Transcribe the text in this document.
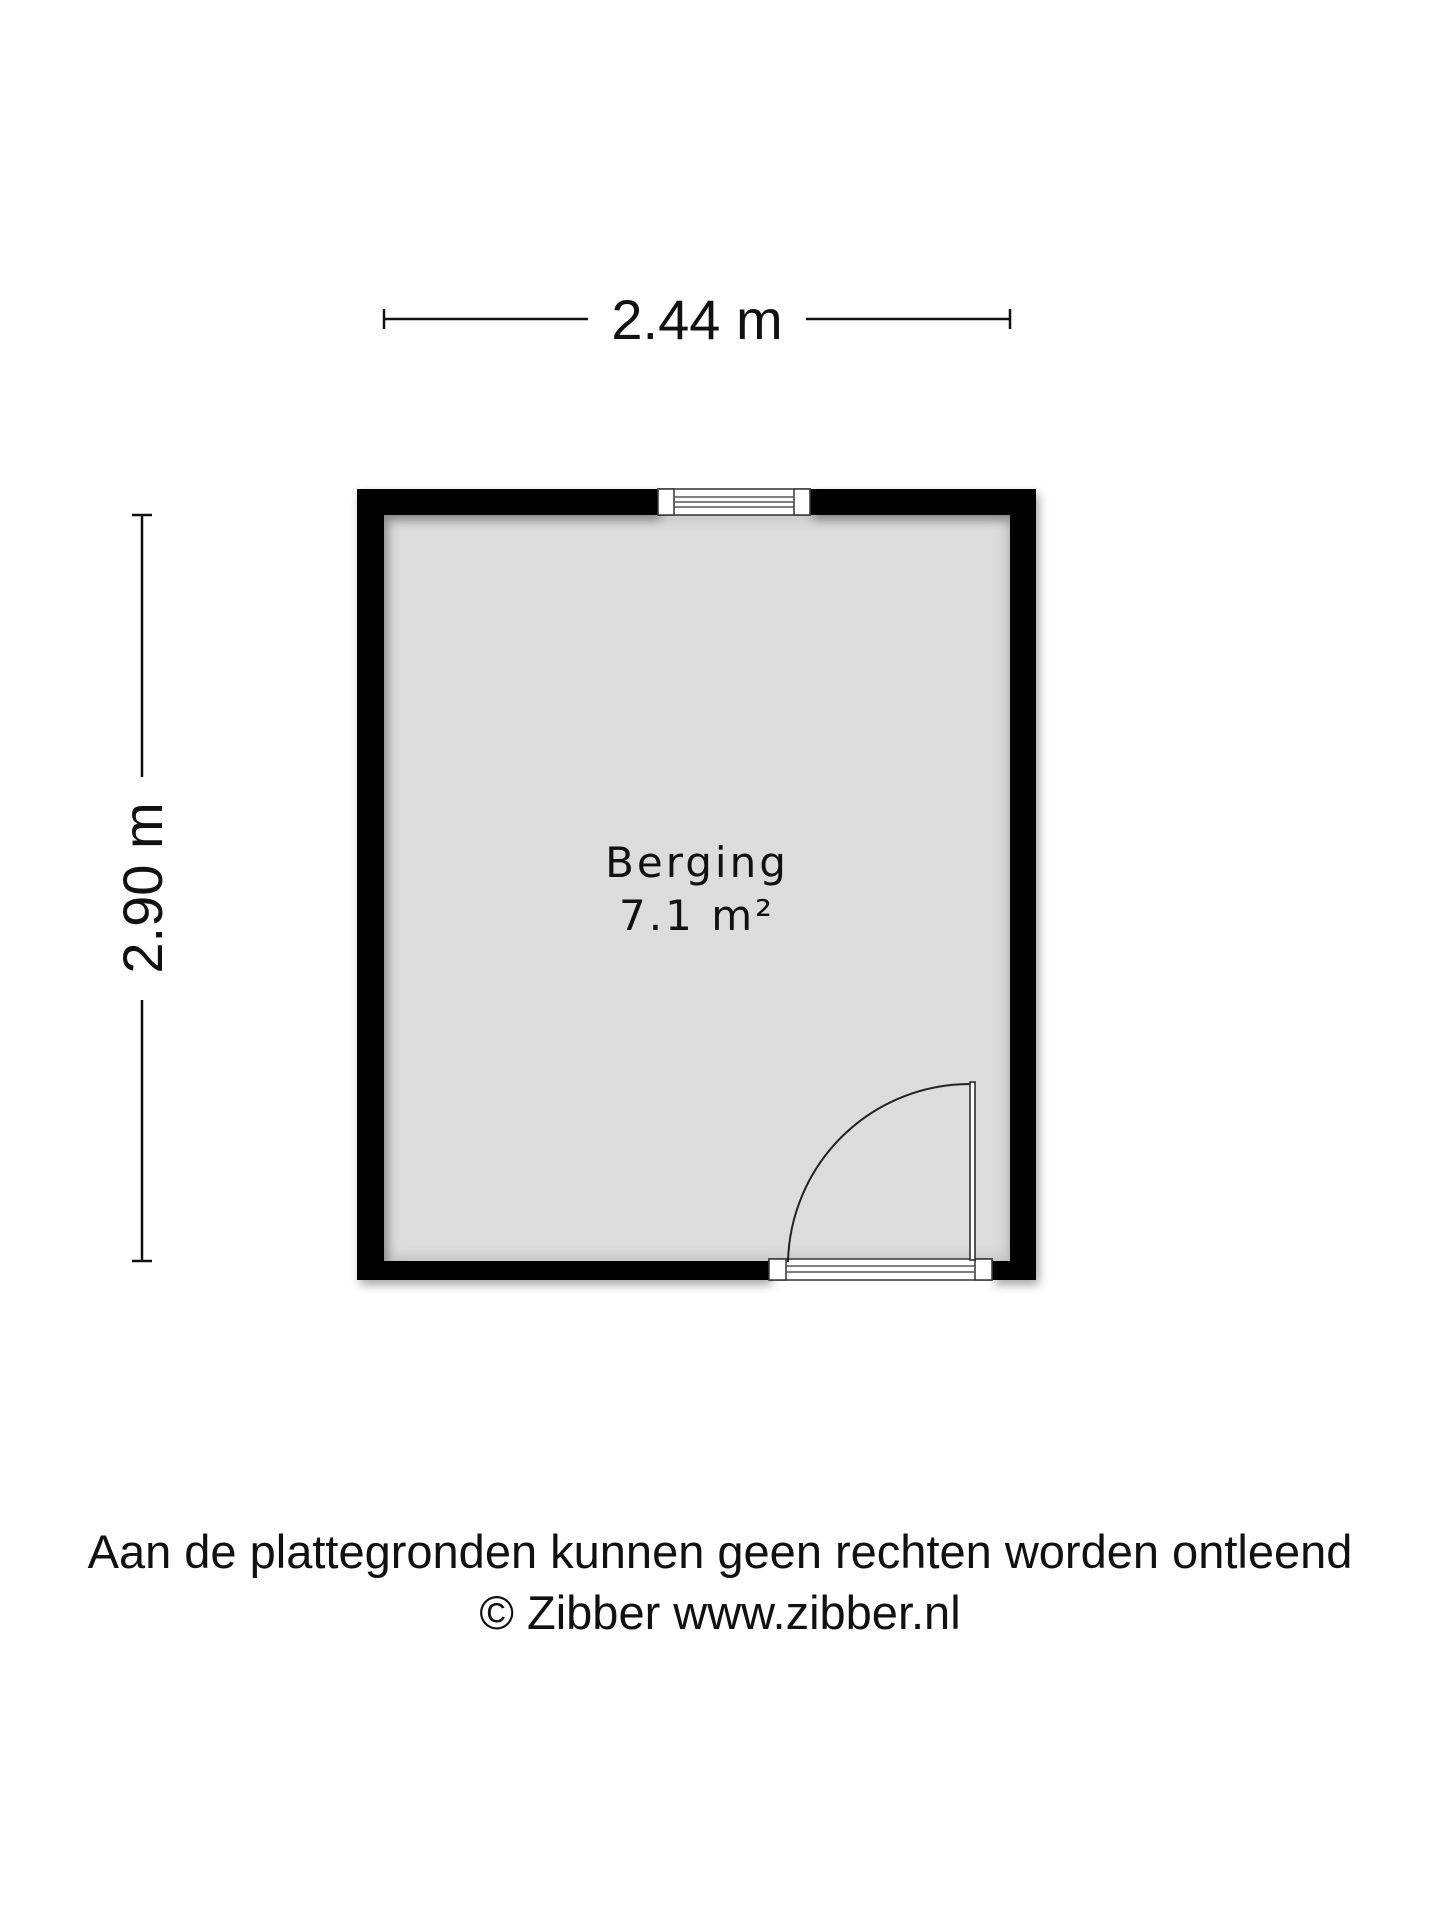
2.44 m
2.90 m	Berging
7.1 m²
Aan de plattegronden kunnen geen rechten worden ontleend
© Zibber www.zibber.nl
